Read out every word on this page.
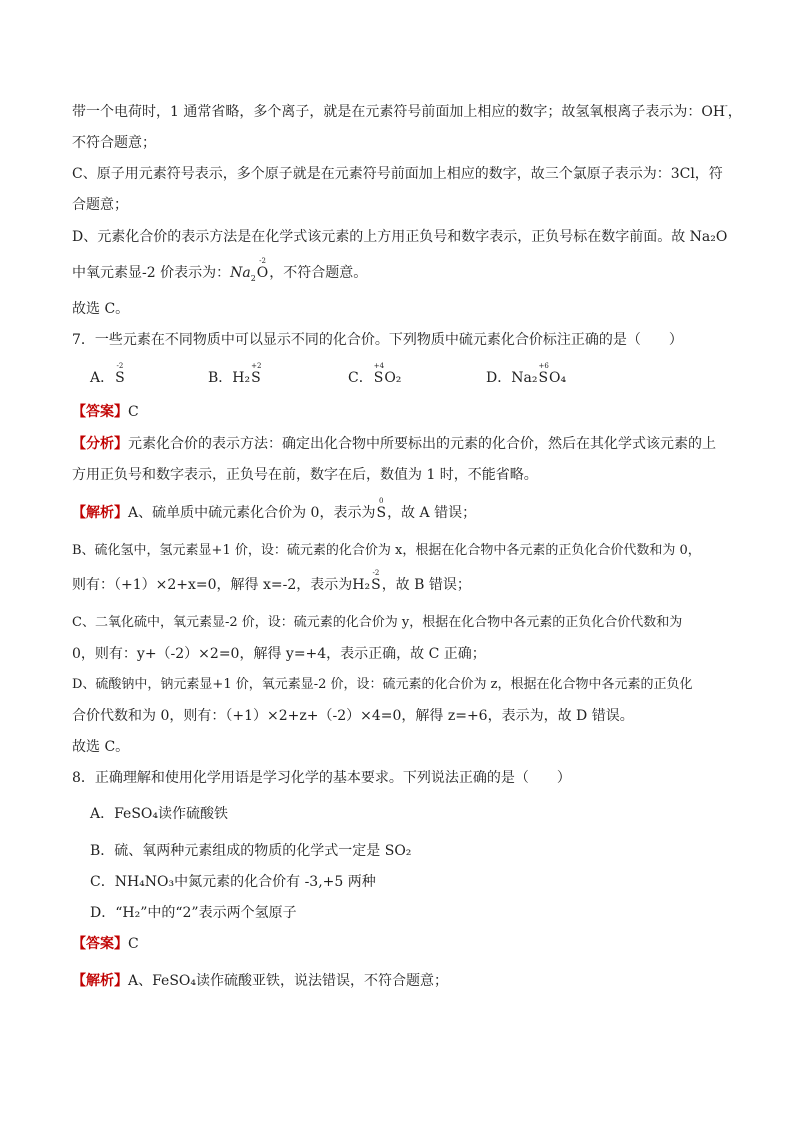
带一个电荷时，1 通常省略，多个离子，就是在元素符号前面加上相应的数字；故氢氧根离子表示为：OH-，
不符合题意；
C、原子用元素符号表示，多个原子就是在元素符号前面加上相应的数字，故三个氯原子表示为：3Cl，符
合题意；
D、元素化合价的表示方法是在化学式该元素的上方用正负号和数字表示，正负号标在数字前面。故 Na₂O
中氧元素显-2 价表示为：$Na_2$
-2
O，不符合题意。
故选 C。
7．一些元素在不同物质中可以显示不同的化合价。下列物质中硫元素化合价标注正确的是（　　）
A．
-2
S	B．H₂
+2
S	C．
+4
SO₂	D．Na₂
+6
SO₄
【答案】C
【分析】元素化合价的表示方法：确定出化合物中所要标出的元素的化合价，然后在其化学式该元素的上
方用正负号和数字表示，正负号在前，数字在后，数值为 1 时，不能省略。
【解析】A、硫单质中硫元素化合价为 0，表示为
0
S，故 A 错误；
B、硫化氢中，氢元素显+1 价，设：硫元素的化合价为 x，根据在化合物中各元素的正负化合价代数和为 0，
则有：（+1）×2+x=0，解得 x=-2，表示为H₂
-2
S，故 B 错误；
C、二氧化硫中，氧元素显-2 价，设：硫元素的化合价为 y，根据在化合物中各元素的正负化合价代数和为
0，则有：y+（-2）×2=0，解得 y=+4，表示正确，故 C 正确；
D、硫酸钠中，钠元素显+1 价，氧元素显-2 价，设：硫元素的化合价为 z，根据在化合物中各元素的正负化
合价代数和为 0，则有：（+1）×2+z+（-2）×4=0，解得 z=+6，表示为，故 D 错误。
故选 C。
8．正确理解和使用化学用语是学习化学的基本要求。下列说法正确的是（　　）
A．FeSO₄读作硫酸铁
B．硫、氧两种元素组成的物质的化学式一定是 SO₂
C．NH₄NO₃中氮元素的化合价有 -3,+5 两种
D．“H₂”中的“2”表示两个氢原子
【答案】C
【解析】A、FeSO₄读作硫酸亚铁，说法错误，不符合题意；
